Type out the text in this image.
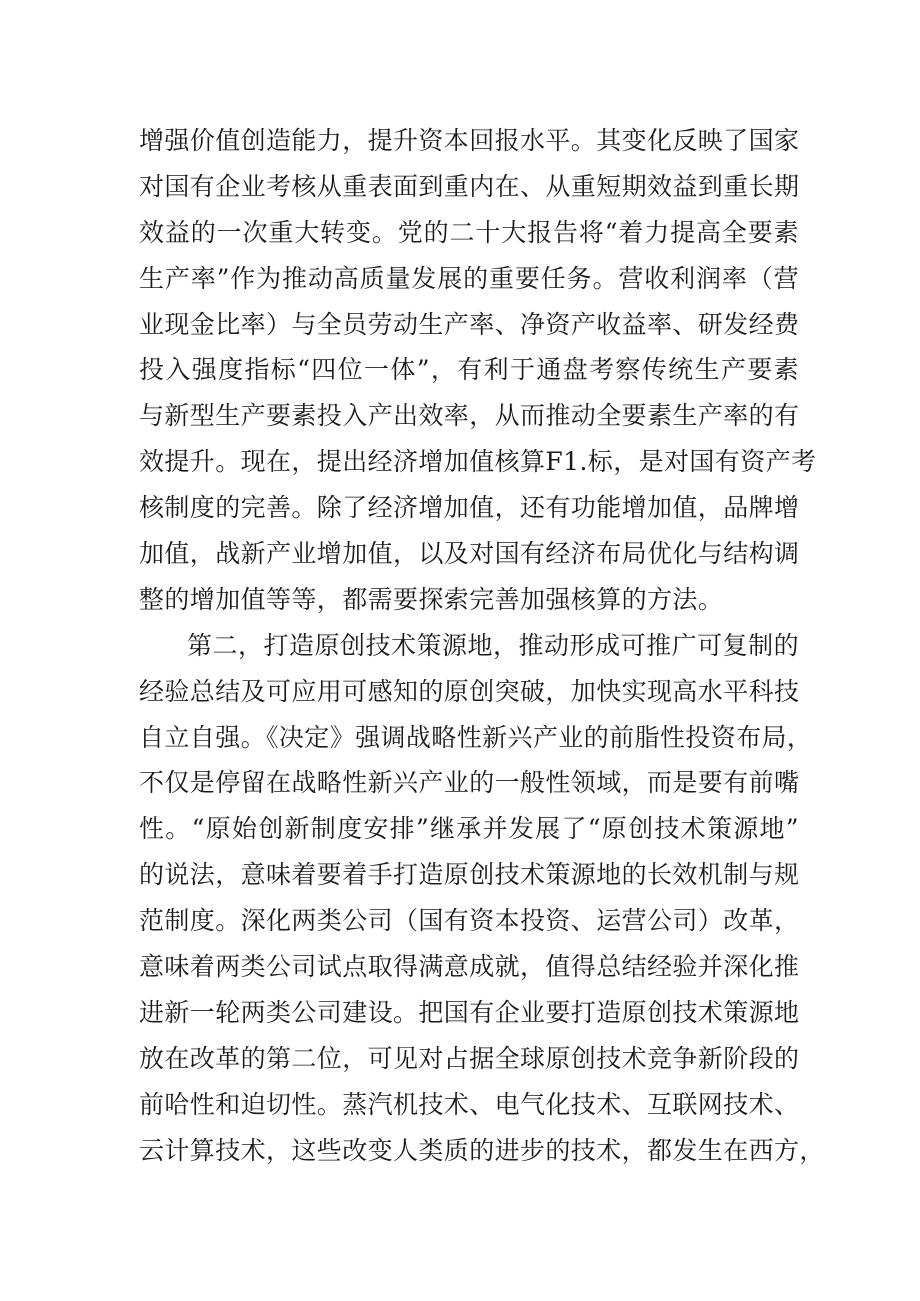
增强价值创造能力，提升资本回报水平。其变化反映了国家
对国有企业考核从重表面到重内在、从重短期效益到重长期
效益的一次重大转变。党的二十大报告将“着力提高全要素
生产率”作为推动高质量发展的重要任务。营收利润率（营
业现金比率）与全员劳动生产率、净资产收益率、研发经费
投入强度指标“四位一体”，有利于通盘考察传统生产要素
与新型生产要素投入产出效率，从而推动全要素生产率的有
效提升。现在，提出经济增加值核算F1.标，是对国有资产考
核制度的完善。除了经济增加值，还有功能增加值，品牌增
加值，战新产业增加值，以及对国有经济布局优化与结构调
整的增加值等等，都需要探索完善加强核算的方法。
第二，打造原创技术策源地，推动形成可推广可复制的
经验总结及可应用可感知的原创突破，加快实现高水平科技
自立自强。《决定》强调战略性新兴产业的前脂性投资布局，
不仅是停留在战略性新兴产业的一般性领域，而是要有前嘴
性。“原始创新制度安排”继承并发展了“原创技术策源地”
的说法，意味着要着手打造原创技术策源地的长效机制与规
范制度。深化两类公司（国有资本投资、运营公司）改革，
意味着两类公司试点取得满意成就，值得总结经验并深化推
进新一轮两类公司建设。把国有企业要打造原创技术策源地
放在改革的第二位，可见对占据全球原创技术竞争新阶段的
前哈性和迫切性。蒸汽机技术、电气化技术、互联网技术、
云计算技术，这些改变人类质的进步的技术，都发生在西方，
